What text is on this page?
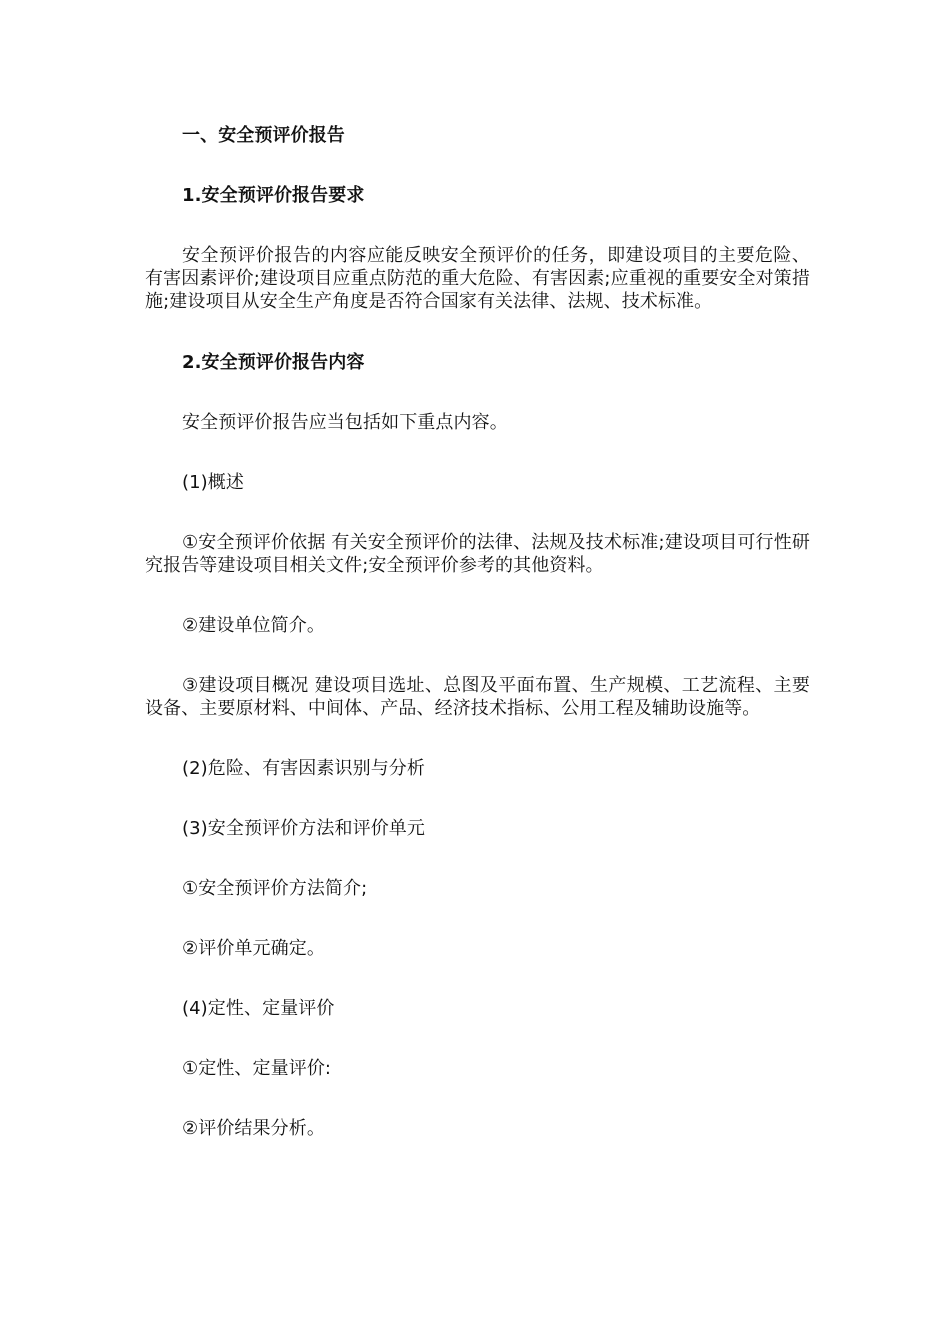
一、安全预评价报告

1.安全预评价报告要求

安全预评价报告的内容应能反映安全预评价的任务，即建设项目的主要危险、有害因素评价;建设项目应重点防范的重大危险、有害因素;应重视的重要安全对策措施;建设项目从安全生产角度是否符合国家有关法律、法规、技术标准。

2.安全预评价报告内容

安全预评价报告应当包括如下重点内容。

(1)概述

①安全预评价依据 有关安全预评价的法律、法规及技术标准;建设项目可行性研究报告等建设项目相关文件;安全预评价参考的其他资料。

②建设单位简介。

③建设项目概况 建设项目选址、总图及平面布置、生产规模、工艺流程、主要设备、主要原材料、中间体、产品、经济技术指标、公用工程及辅助设施等。

(2)危险、有害因素识别与分析

(3)安全预评价方法和评价单元

①安全预评价方法简介;

②评价单元确定。

(4)定性、定量评价

①定性、定量评价:

②评价结果分析。
